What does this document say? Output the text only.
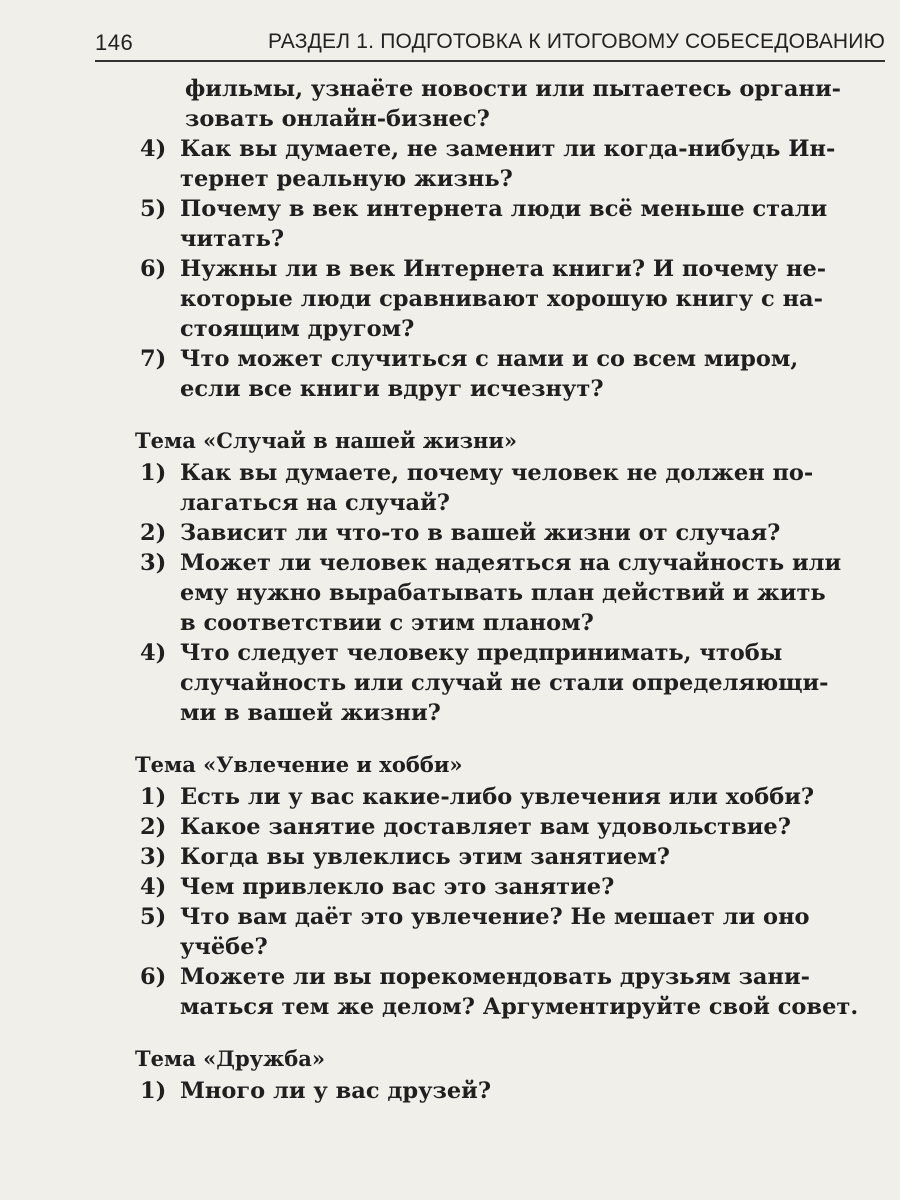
146	РАЗДЕЛ 1. ПОДГОТОВКА К ИТОГОВОМУ СОБЕСЕДОВАНИЮ
фильмы, узнаёте новости или пытаетесь органи-
зовать онлайн-бизнес?
4) Как вы думаете, не заменит ли когда-нибудь Ин-
тернет реальную жизнь?
5) Почему в век интернета люди всё меньше стали
читать?
6) Нужны ли в век Интернета книги? И почему не-
которые люди сравнивают хорошую книгу с на-
стоящим другом?
7) Что может случиться с нами и со всем миром,
если все книги вдруг исчезнут?
Тема «Случай в нашей жизни»
1) Как вы думаете, почему человек не должен по-
лагаться на случай?
2) Зависит ли что-то в вашей жизни от случая?
3) Может ли человек надеяться на случайность или
ему нужно вырабатывать план действий и жить
в соответствии с этим планом?
4) Что следует человеку предпринимать, чтобы
случайность или случай не стали определяющи-
ми в вашей жизни?
Тема «Увлечение и хобби»
1) Есть ли у вас какие-либо увлечения или хобби?
2) Какое занятие доставляет вам удовольствие?
3) Когда вы увлеклись этим занятием?
4) Чем привлекло вас это занятие?
5) Что вам даёт это увлечение? Не мешает ли оно
учёбе?
6) Можете ли вы порекомендовать друзьям зани-
маться тем же делом? Аргументируйте свой совет.
Тема «Дружба»
1) Много ли у вас друзей?
